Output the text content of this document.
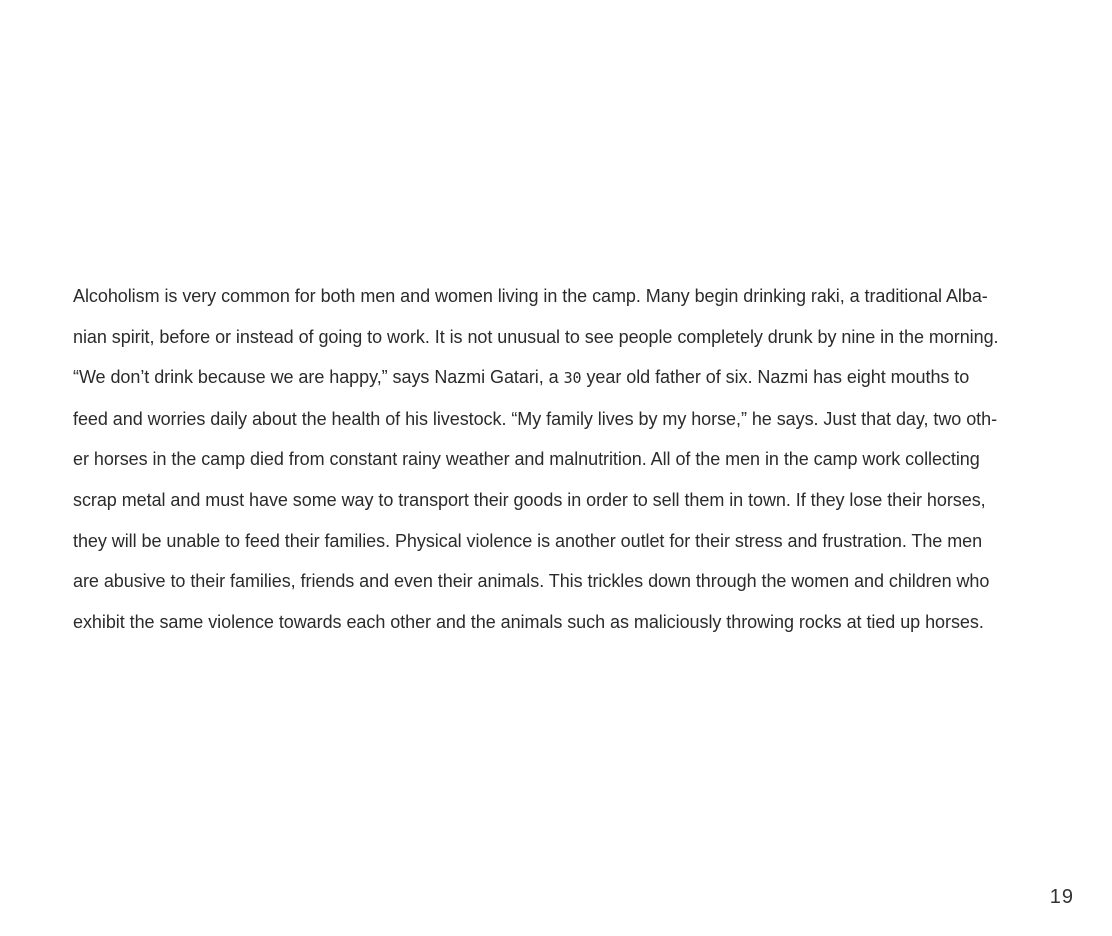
Alcoholism is very common for both men and women living in the camp. Many begin drinking raki, a traditional Alba-
nian spirit, before or instead of going to work. It is not unusual to see people completely drunk by nine in the morning.
“We don’t drink because we are happy,” says Nazmi Gatari, a 30 year old father of six. Nazmi has eight mouths to
feed and worries daily about the health of his livestock. “My family lives by my horse,” he says. Just that day, two oth-
er horses in the camp died from constant rainy weather and malnutrition. All of the men in the camp work collecting
scrap metal and must have some way to transport their goods in order to sell them in town. If they lose their horses,
they will be unable to feed their families. Physical violence is another outlet for their stress and frustration. The men
are abusive to their families, friends and even their animals. This trickles down through the women and children who
exhibit the same violence towards each other and the animals such as maliciously throwing rocks at tied up horses.

19
